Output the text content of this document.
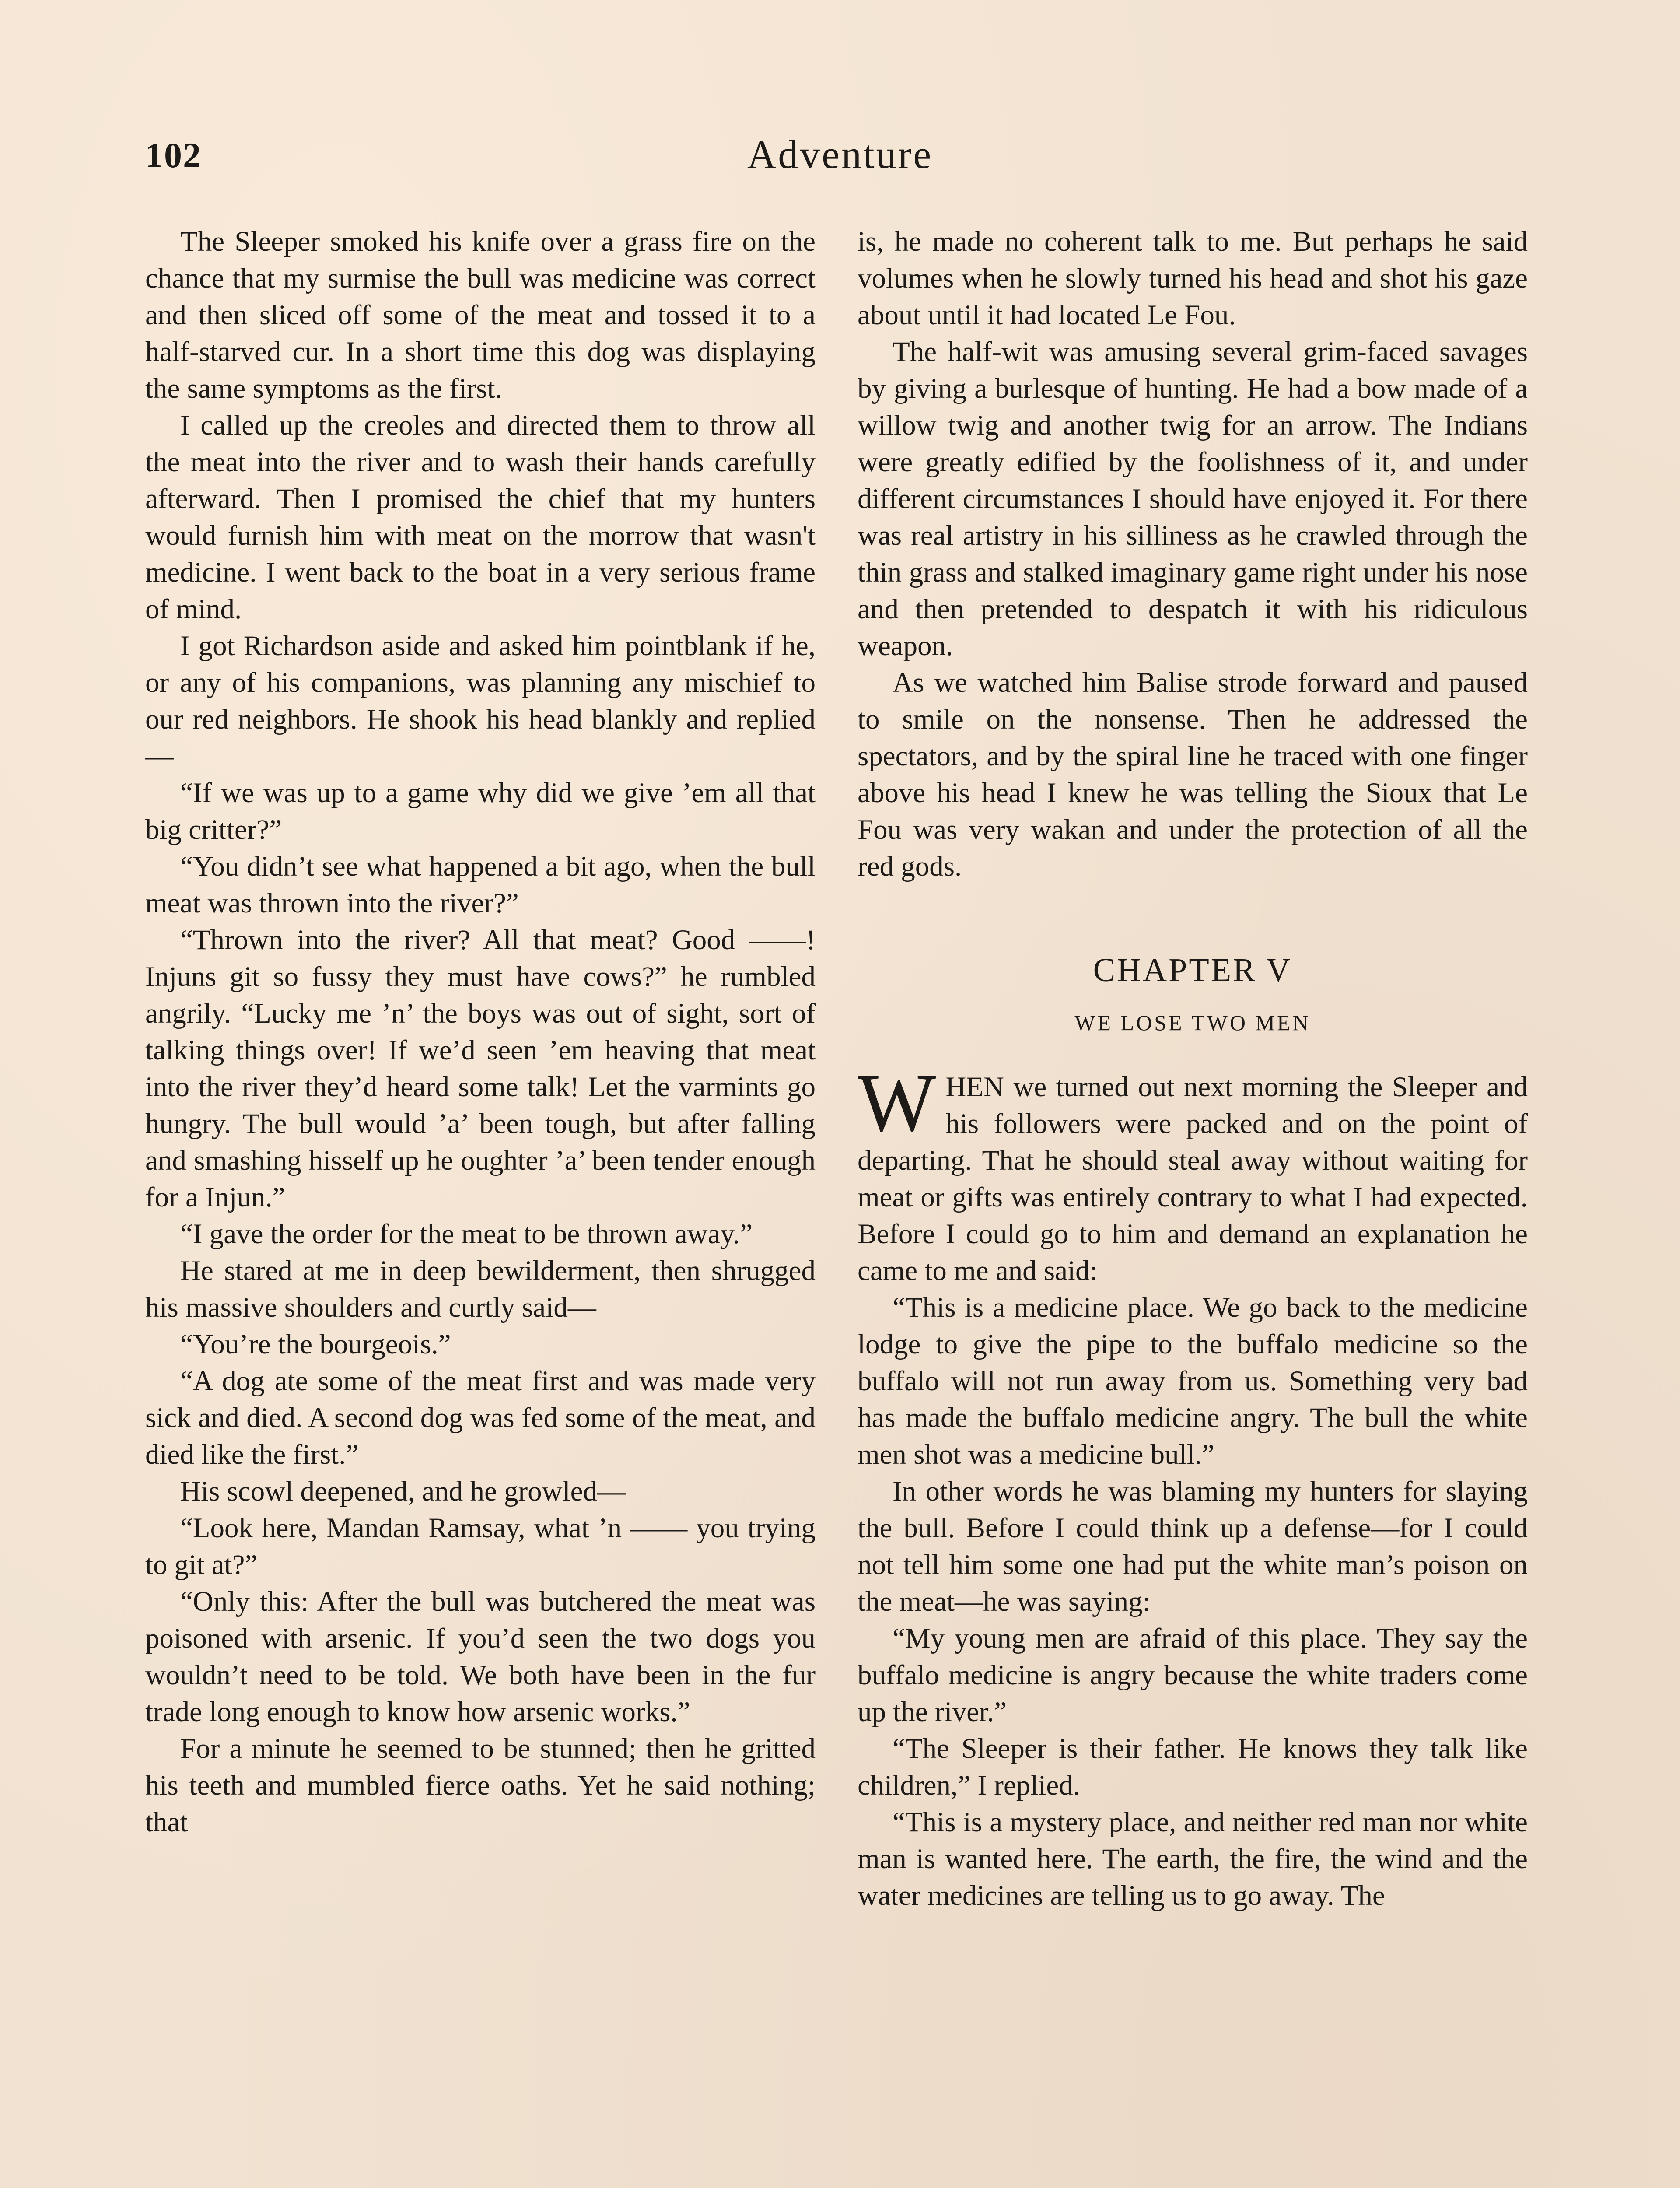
102	Adventure

The Sleeper smoked his knife over a grass fire on the chance that my surmise the bull was medicine was correct and then sliced off some of the meat and tossed it to a half-starved cur. In a short time this dog was displaying the same symptoms as the first.

I called up the creoles and directed them to throw all the meat into the river and to wash their hands carefully afterward. Then I promised the chief that my hunters would furnish him with meat on the morrow that wasn't medicine. I went back to the boat in a very serious frame of mind.

I got Richardson aside and asked him pointblank if he, or any of his companions, was planning any mischief to our red neighbors. He shook his head blankly and replied—

“If we was up to a game why did we give ’em all that big critter?”

“You didn’t see what happened a bit ago, when the bull meat was thrown into the river?”

“Thrown into the river? All that meat? Good ——! Injuns git so fussy they must have cows?” he rumbled angrily. “Lucky me ’n’ the boys was out of sight, sort of talking things over! If we’d seen ’em heaving that meat into the river they’d heard some talk! Let the varmints go hungry. The bull would ’a’ been tough, but after falling and smashing hisself up he oughter ’a’ been tender enough for a Injun.”

“I gave the order for the meat to be thrown away.”

He stared at me in deep bewilderment, then shrugged his massive shoulders and curtly said—

“You’re the bourgeois.”

“A dog ate some of the meat first and was made very sick and died. A second dog was fed some of the meat, and died like the first.”

His scowl deepened, and he growled—

“Look here, Mandan Ramsay, what ’n —— you trying to git at?”

“Only this: After the bull was butchered the meat was poisoned with arsenic. If you’d seen the two dogs you wouldn’t need to be told. We both have been in the fur trade long enough to know how arsenic works.”

For a minute he seemed to be stunned; then he gritted his teeth and mumbled fierce oaths. Yet he said nothing; that

is, he made no coherent talk to me. But perhaps he said volumes when he slowly turned his head and shot his gaze about until it had located Le Fou.

The half-wit was amusing several grim-faced savages by giving a burlesque of hunting. He had a bow made of a willow twig and another twig for an arrow. The Indians were greatly edified by the foolishness of it, and under different circumstances I should have enjoyed it. For there was real artistry in his silliness as he crawled through the thin grass and stalked imaginary game right under his nose and then pretended to despatch it with his ridiculous weapon.

As we watched him Balise strode forward and paused to smile on the nonsense. Then he addressed the spectators, and by the spiral line he traced with one finger above his head I knew he was telling the Sioux that Le Fou was very wakan and under the protection of all the red gods.

CHAPTER V
WE LOSE TWO MEN

WHEN we turned out next morning the Sleeper and his followers were packed and on the point of departing. That he should steal away without waiting for meat or gifts was entirely contrary to what I had expected. Before I could go to him and demand an explanation he came to me and said:

“This is a medicine place. We go back to the medicine lodge to give the pipe to the buffalo medicine so the buffalo will not run away from us. Something very bad has made the buffalo medicine angry. The bull the white men shot was a medicine bull.”

In other words he was blaming my hunters for slaying the bull. Before I could think up a defense—for I could not tell him some one had put the white man’s poison on the meat—he was saying:

“My young men are afraid of this place. They say the buffalo medicine is angry because the white traders come up the river.”

“The Sleeper is their father. He knows they talk like children,” I replied.

“This is a mystery place, and neither red man nor white man is wanted here. The earth, the fire, the wind and the water medicines are telling us to go away. The
